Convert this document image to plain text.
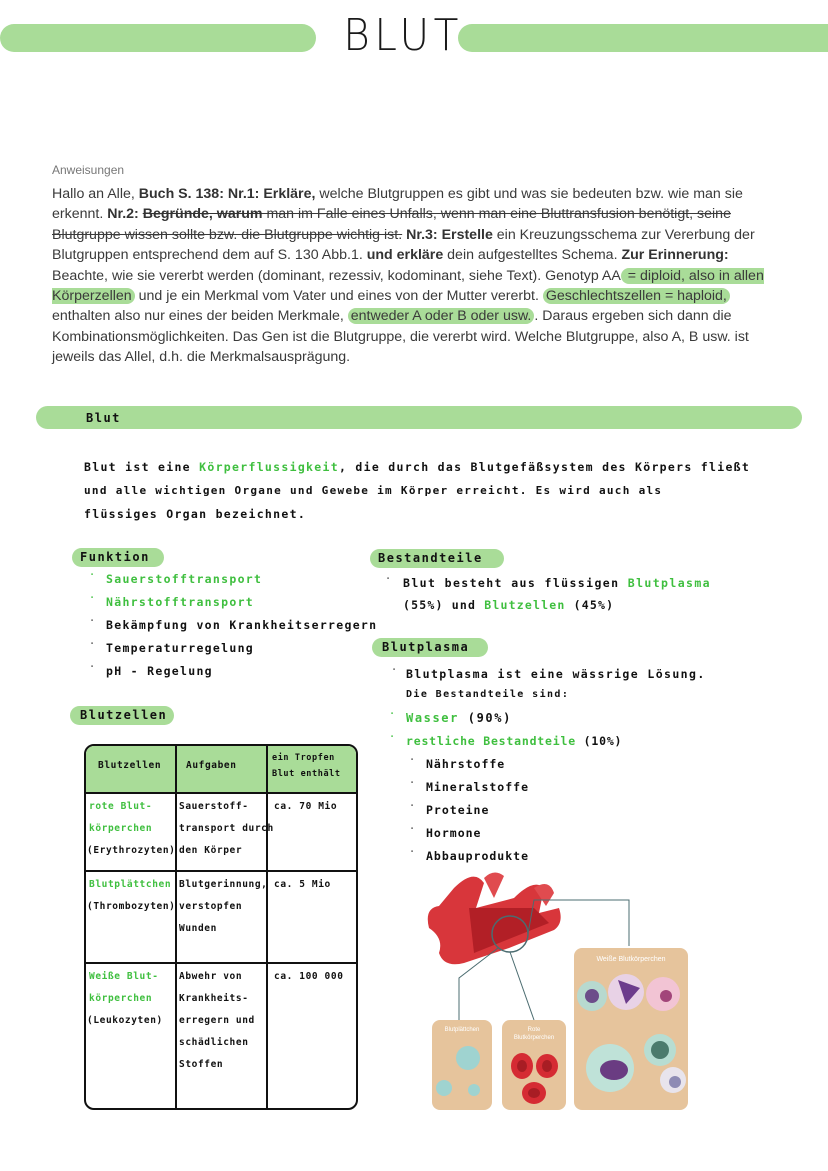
BLUT
Anweisungen
Hallo an Alle, Buch S. 138: Nr.1: Erkläre, welche Blutgruppen es gibt und was sie bedeuten bzw. wie man sie erkennt. Nr.2: Begründe, warum man im Falle eines Unfalls, wenn man eine Bluttransfusion benötigt, seine Blutgruppe wissen sollte bzw. die Blutgruppe wichtig ist. Nr.3: Erstelle ein Kreuzungsschema zur Vererbung der Blutgruppen entsprechend dem auf S. 130 Abb.1. und erkläre dein aufgestelltes Schema. Zur Erinnerung: Beachte, wie sie vererbt werden (dominant, rezessiv, kodominant, siehe Text). Genotyp AA = diploid, also in allen Körperzellen und je ein Merkmal vom Vater und eines von der Mutter vererbt. Geschlechtszellen = haploid, enthalten also nur eines der beiden Merkmale, entweder A oder B oder usw. . Daraus ergeben sich dann die Kombinationsmöglichkeiten. Das Gen ist die Blutgruppe, die vererbt wird. Welche Blutgruppe, also A, B usw. ist jeweils das Allel, d.h. die Merkmalsausprägung.
Blut
Blut ist eine Körperflussigkeit, die durch das Blutgefäßsystem des Körpers fließt
und alle wichtigen Organe und Gewebe im Körper erreicht. Es wird auch als
flüssiges Organ bezeichnet.
Funktion
· Sauerstofftransport
· Nährstofftransport
· Bekämpfung von Krankheitserregern
· Temperaturregelung
· pH - Regelung
Blutzellen
Bestandteile
· Blut besteht aus flüssigen Blutplasma
(55%) und Blutzellen (45%)
Blutplasma
· Blutplasma ist eine wässrige Lösung.
Die Bestandteile sind:
· Wasser (90%)
· restliche Bestandteile (10%)
· Nährstoffe
· Mineralstoffe
· Proteine
· Hormone
· Abbauprodukte
Blutzellen	Aufgaben
ein Tropfen Blut enthält
rote Blut-
körperchen
(Erythrozyten)
Sauerstoff-
transport durch
den Körper
ca. 70 Mio
Blutplättchen
(Thrombozyten)
Blutgerinnung,
verstopfen
Wunden
ca. 5 Mio
Weiße Blut-
körperchen
(Leukozyten)
Abwehr von
Krankheits-
erregern und
schädlichen
Stoffen
ca. 100 000
Weiße Blutkörperchen
Blutplättchen	Rote
Blutkörperchen
